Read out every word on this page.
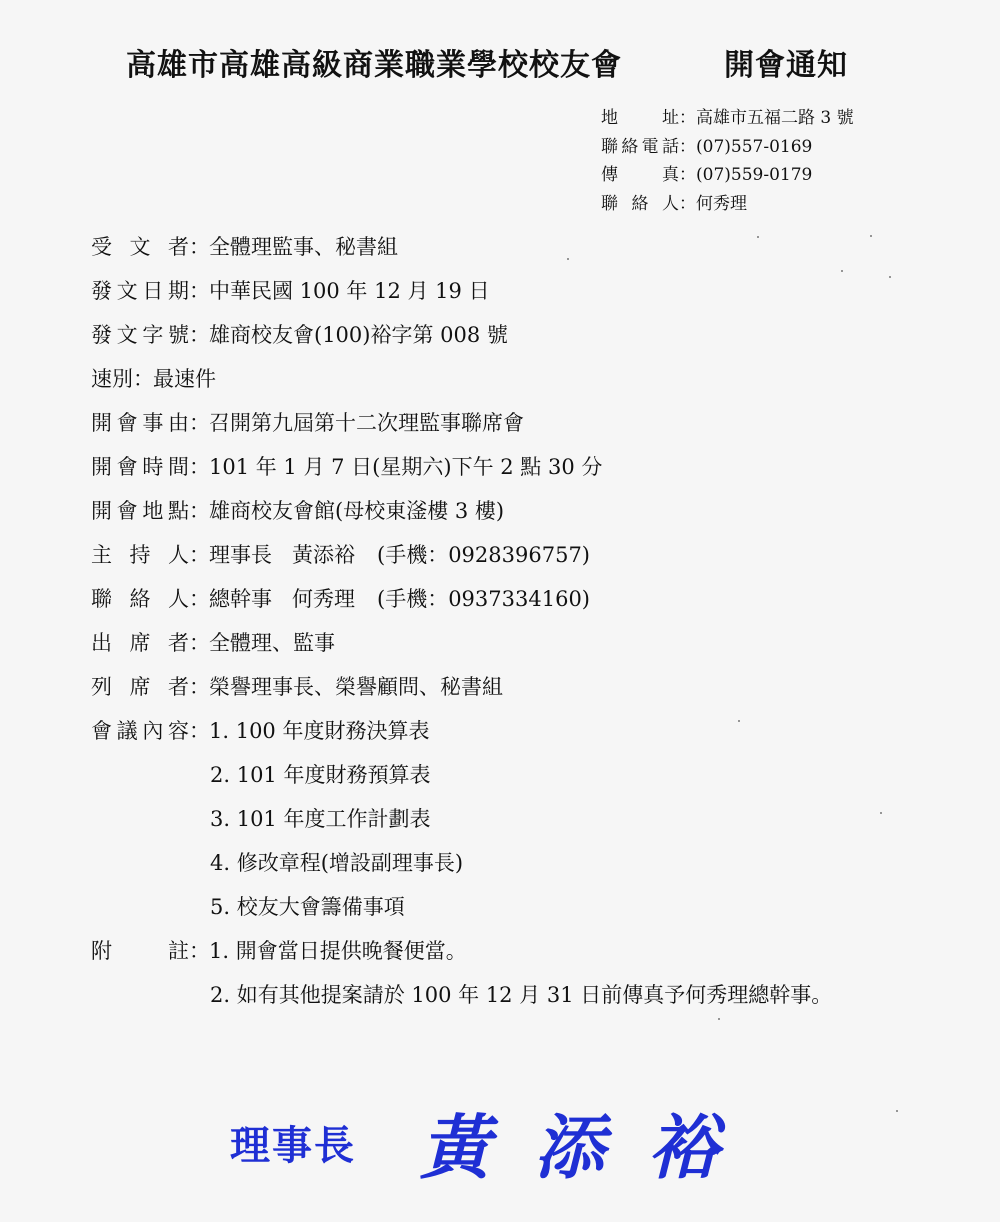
高雄市高雄高級商業職業學校校友會	開會通知
地	址 ： 高雄市五福二路 3 號
聯 絡 電 話 ： (07)557-0169
傳	真 ： (07)559-0179
聯 絡 人 ： 何秀理
受 文 者 ： 全體理監事、秘書組
發 文 日 期 ： 中華民國 100 年 12 月 19 日
發 文 字 號 ： 雄商校友會(100)裕字第 008 號
速別 ： 最速件
開 會 事 由 ： 召開第九屆第十二次理監事聯席會
開 會 時 間 ： 101 年 1 月 7 日(星期六)下午 2 點 30 分
開 會 地 點 ： 雄商校友會館(母校東滏樓 3 樓)
主 持 人 ： 理事長 黃添裕 (手機：0928396757)
聯 絡 人 ： 總幹事 何秀理 (手機：0937334160)
出 席 者 ： 全體理、監事
列 席 者 ： 榮譽理事長、榮譽顧問、秘書組
會 議 內 容 ： 1. 100 年度財務決算表
2. 101 年度財務預算表
3. 101 年度工作計劃表
4. 修改章程(增設副理事長)
5. 校友大會籌備事項
附	註 ： 1. 開會當日提供晚餐便當。
2. 如有其他提案請於 100 年 12 月 31 日前傳真予何秀理總幹事。
理事長 黃添裕
